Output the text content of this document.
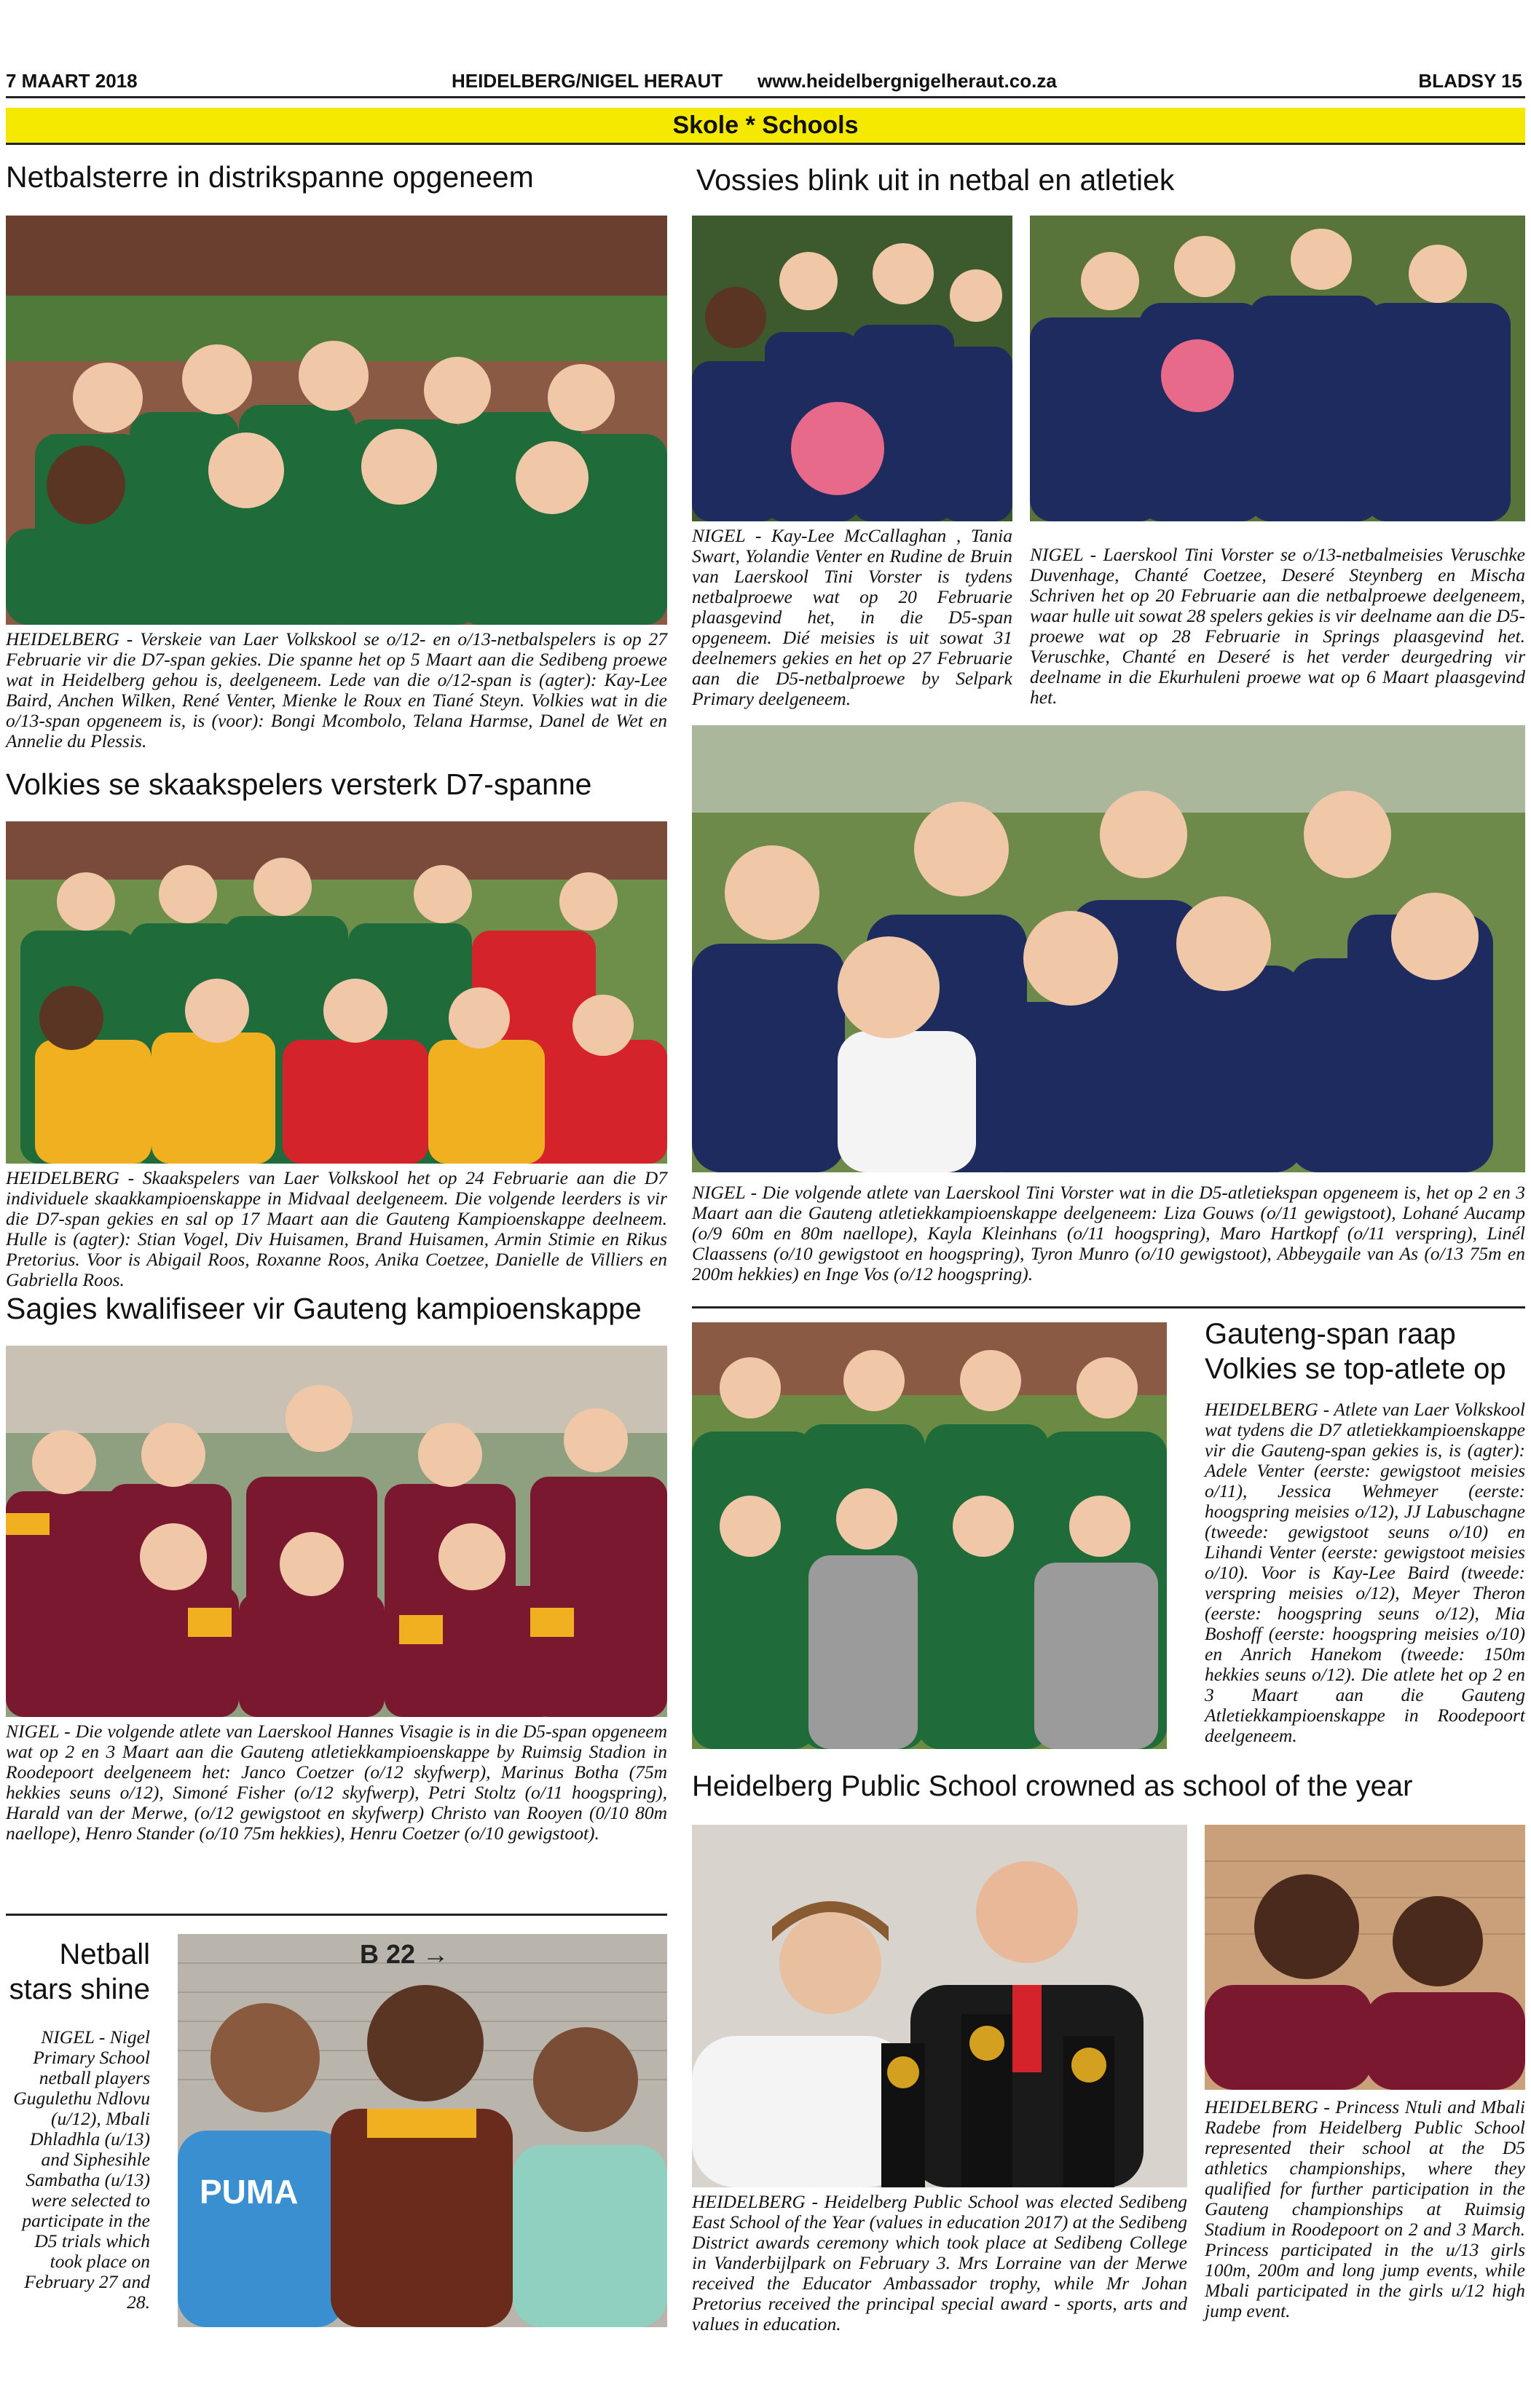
7 MAART 2018	HEIDELBERG/NIGEL HERAUT www.heidelbergnigelheraut.co.za	BLADSY 15
Skole * Schools
Netbalsterre in distrikspanne opgeneem
HEIDELBERG - Verskeie van Laer Volkskool se o/12- en o/13-netbalspelers is op 27 Februarie vir die D7-span gekies. Die spanne het op 5 Maart aan die Sedibeng proewe wat in Heidelberg gehou is, deelgeneem. Lede van die o/12-span is (agter): Kay-Lee Baird, Anchen Wilken, René Venter, Mienke le Roux en Tiané Steyn. Volkies wat in die o/13-span opgeneem is, is (voor): Bongi Mcombolo, Telana Harmse, Danel de Wet en Annelie du Plessis.
Volkies se skaakspelers versterk D7-spanne
HEIDELBERG - Skaakspelers van Laer Volkskool het op 24 Februarie aan die D7 individuele skaakkampioenskappe in Midvaal deelgeneem. Die volgende leerders is vir die D7-span gekies en sal op 17 Maart aan die Gauteng Kampioenskappe deelneem. Hulle is (agter): Stian Vogel, Div Huisamen, Brand Huisamen, Armin Stimie en Rikus Pretorius. Voor is Abigail Roos, Roxanne Roos, Anika Coetzee, Danielle de Villiers en Gabriella Roos.
Sagies kwalifiseer vir Gauteng kampioenskappe
NIGEL - Die volgende atlete van Laerskool Hannes Visagie is in die D5-span opgeneem wat op 2 en 3 Maart aan die Gauteng atletiekkampioenskappe by Ruimsig Stadion in Roodepoort deelgeneem het: Janco Coetzer (o/12 skyfwerp), Marinus Botha (75m hekkies seuns o/12), Simoné Fisher (o/12 skyfwerp), Petri Stoltz (o/11 hoogspring), Harald van der Merwe, (o/12 gewigstoot en skyfwerp) Christo van Rooyen (0/10 80m naellope), Henro Stander (o/10 75m hekkies), Henru Coetzer (o/10 gewigstoot).
Netball
stars shine
NIGEL - Nigel Primary School netball players Gugulethu Ndlovu (u/12), Mbali Dhladhla (u/13) and Siphesihle Sambatha (u/13) were selected to participate in the D5 trials which took place on February 27 and 28.
B 22 →
PUMA
Vossies blink uit in netbal en atletiek
NIGEL - Kay-Lee McCallaghan , Tania Swart, Yolandie Venter en Rudine de Bruin van Laerskool Tini Vorster is tydens netbalproewe wat op 20 Februarie plaasgevind het, in die D5-span opgeneem. Dié meisies is uit sowat 31 deelnemers gekies en het op 27 Februarie aan die D5-netbalproewe by Selpark Primary deelgeneem.
NIGEL - Laerskool Tini Vorster se o/13-netbalmeisies Veruschke Duvenhage, Chanté Coetzee, Deseré Steynberg en Mischa Schriven het op 20 Februarie aan die netbalproewe deelgeneem, waar hulle uit sowat 28 spelers gekies is vir deelname aan die D5-proewe wat op 28 Februarie in Springs plaasgevind het. Veruschke, Chanté en Deseré is het verder deurgedring vir deelname in die Ekurhuleni proewe wat op 6 Maart plaasgevind het.
NIGEL - Die volgende atlete van Laerskool Tini Vorster wat in die D5-atletiekspan opgeneem is, het op 2 en 3 Maart aan die Gauteng atletiekkampioenskappe deelgeneem: Liza Gouws (o/11 gewigstoot), Lohané Aucamp (o/9 60m en 80m naellope), Kayla Kleinhans (o/11 hoogspring), Maro Hartkopf (o/11 verspring), Linél Claassens (o/10 gewigstoot en hoogspring), Tyron Munro (o/10 gewigstoot), Abbeygaile van As (o/13 75m en 200m hekkies) en Inge Vos (o/12 hoogspring).
Gauteng-span raap Volkies se top-atlete op
HEIDELBERG - Atlete van Laer Volkskool wat tydens die D7 atletiekkampioenskappe vir die Gauteng-span gekies is, is (agter): Adele Venter (eerste: gewigstoot meisies o/11), Jessica Wehmeyer (eerste: hoogspring meisies o/12), JJ Labuschagne (tweede: gewigstoot seuns o/10) en Lihandi Venter (eerste: gewigstoot meisies o/10). Voor is Kay-Lee Baird (tweede: verspring meisies o/12), Meyer Theron (eerste: hoogspring seuns o/12), Mia Boshoff (eerste: hoogspring meisies o/10) en Anrich Hanekom (tweede: 150m hekkies seuns o/12). Die atlete het op 2 en 3 Maart aan die Gauteng Atletiekkampioenskappe in Roodepoort deelgeneem.
Heidelberg Public School crowned as school of the year
HEIDELBERG - Heidelberg Public School was elected Sedibeng East School of the Year (values in education 2017) at the Sedibeng District awards ceremony which took place at Sedibeng College in Vanderbijlpark on February 3. Mrs Lorraine van der Merwe received the Educator Ambassador trophy, while Mr Johan Pretorius received the principal special award - sports, arts and values in education.
HEIDELBERG - Princess Ntuli and Mbali Radebe from Heidelberg Public School represented their school at the D5 athletics championships, where they qualified for further participation in the Gauteng championships at Ruimsig Stadium in Roodepoort on 2 and 3 March. Princess participated in the u/13 girls 100m, 200m and long jump events, while Mbali participated in the girls u/12 high jump event.
